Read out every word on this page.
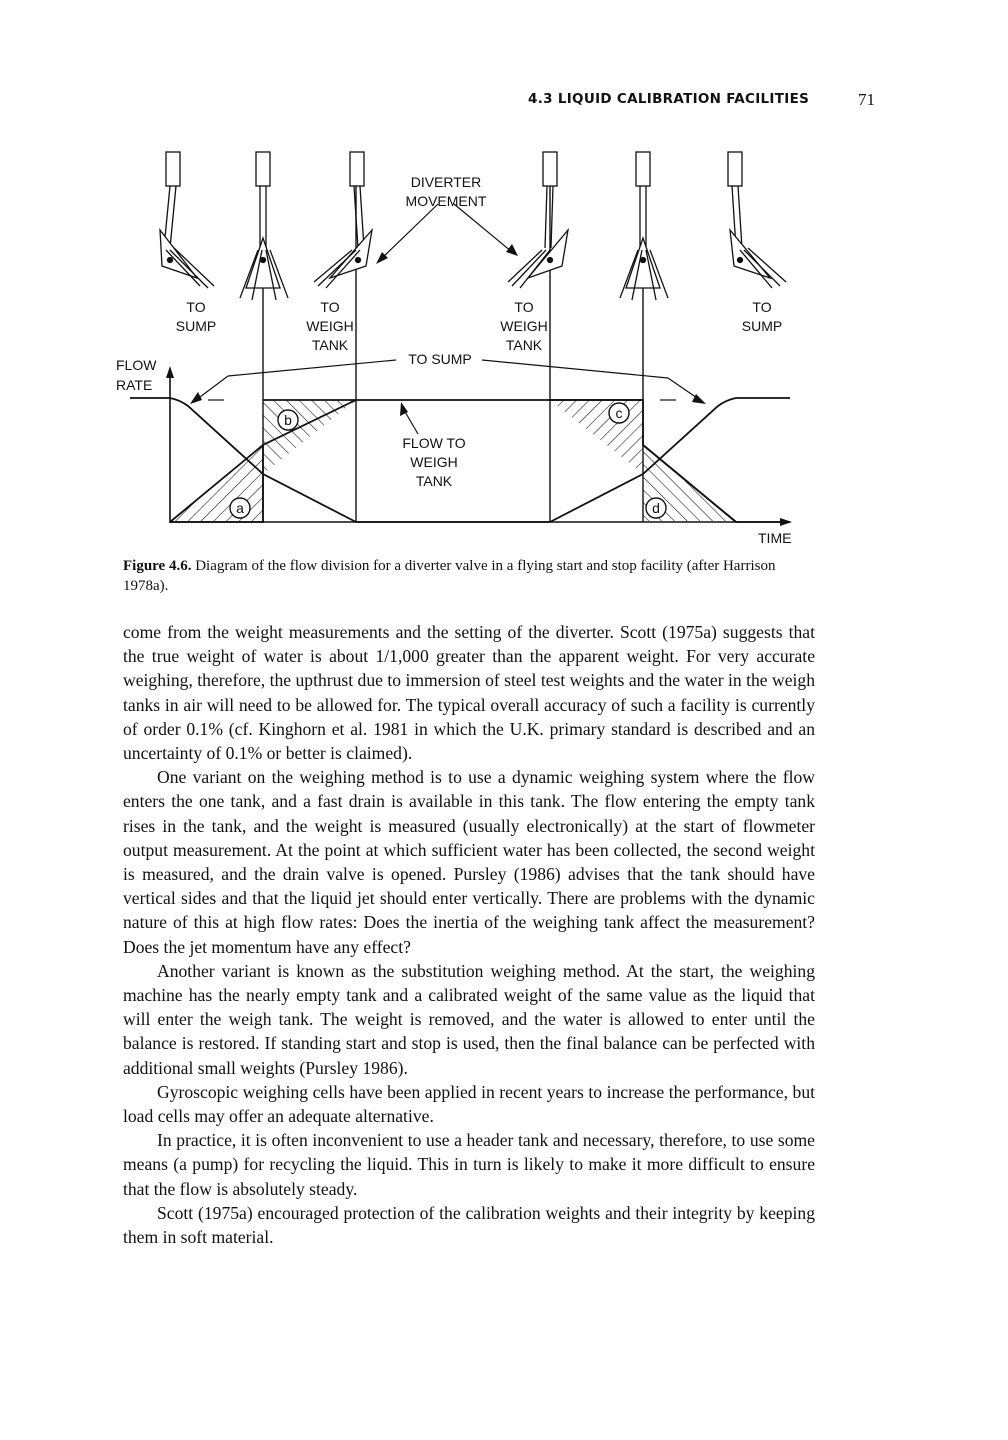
4.3 LIQUID CALIBRATION FACILITIES	71
a
b	c
d
DIVERTER
MOVEMENT
TO
SUMP
TO
WEIGH
TANK
TO
WEIGH
TANK
TO
SUMP
TO SUMP
FLOW
RATE
FLOW TO
WEIGH
TANK
TIME
Figure 4.6. Diagram of the flow division for a diverter valve in a flying start and stop facility (after Harrison 1978a).

come from the weight measurements and the setting of the diverter. Scott (1975a) suggests that the true weight of water is about 1/1,000 greater than the apparent weight. For very accurate weighing, therefore, the upthrust due to immersion of steel test weights and the water in the weigh tanks in air will need to be allowed for. The typical overall accuracy of such a facility is currently of order 0.1% (cf. Kinghorn et al. 1981 in which the U.K. primary standard is described and an uncertainty of 0.1% or better is claimed).

One variant on the weighing method is to use a dynamic weighing system where the flow enters the one tank, and a fast drain is available in this tank. The flow entering the empty tank rises in the tank, and the weight is measured (usually electronically) at the start of flowmeter output measurement. At the point at which sufficient water has been collected, the second weight is measured, and the drain valve is opened. Pursley (1986) advises that the tank should have vertical sides and that the liquid jet should enter vertically. There are problems with the dynamic nature of this at high flow rates: Does the inertia of the weighing tank affect the measurement? Does the jet momentum have any effect?

Another variant is known as the substitution weighing method. At the start, the weighing machine has the nearly empty tank and a calibrated weight of the same value as the liquid that will enter the weigh tank. The weight is removed, and the water is allowed to enter until the balance is restored. If standing start and stop is used, then the final balance can be perfected with additional small weights (Pursley 1986).

Gyroscopic weighing cells have been applied in recent years to increase the performance, but load cells may offer an adequate alternative.

In practice, it is often inconvenient to use a header tank and necessary, therefore, to use some means (a pump) for recycling the liquid. This in turn is likely to make it more difficult to ensure that the flow is absolutely steady.

Scott (1975a) encouraged protection of the calibration weights and their integrity by keeping them in soft material.
